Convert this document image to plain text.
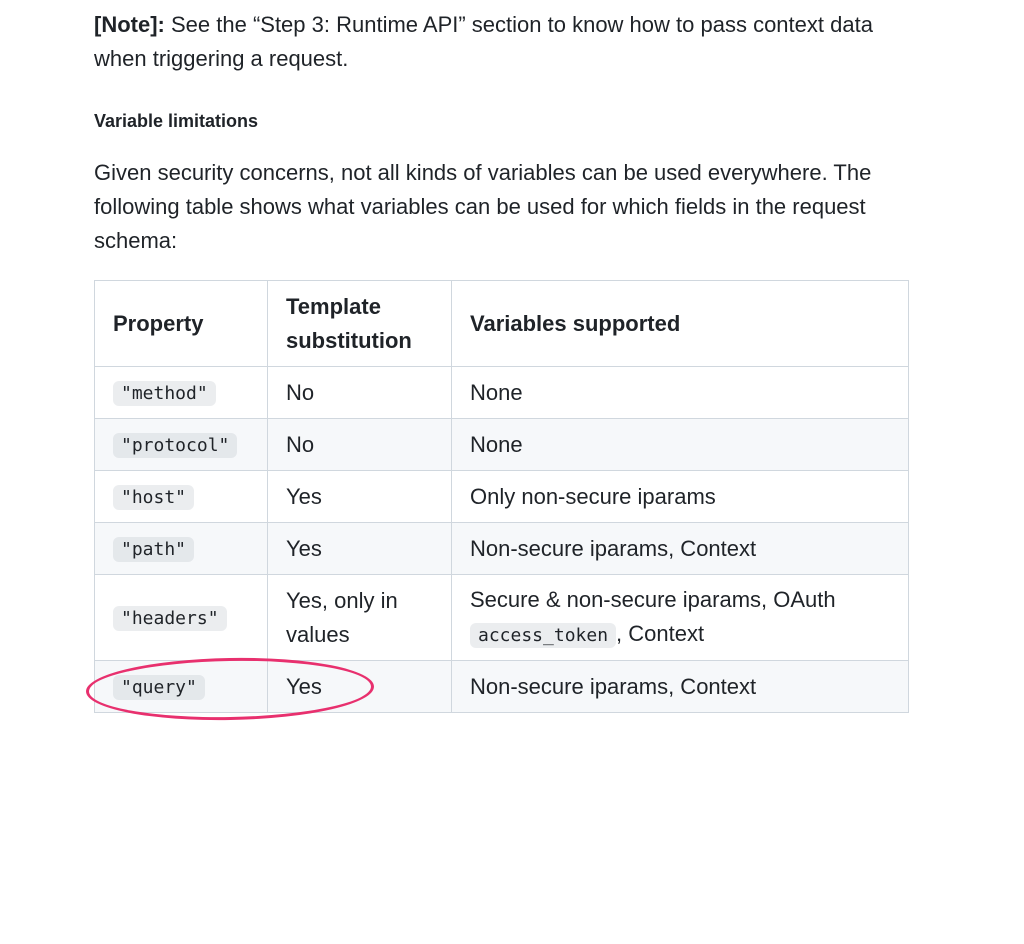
[Note]: See the “Step 3: Runtime API” section to know how to pass context data when triggering a request.

Variable limitations

Given security concerns, not all kinds of variables can be used everywhere. The following table shows what variables can be used for which fields in the request schema:

Property	Template substitution	Variables supported
"method"	No	None
"protocol"	No	None
"host"	Yes	Only non-secure iparams
"path"	Yes	Non-secure iparams, Context
"headers"	Yes, only in values	Secure & non-secure iparams, OAuth access_token , Context
"query"	Yes	Non-secure iparams, Context
